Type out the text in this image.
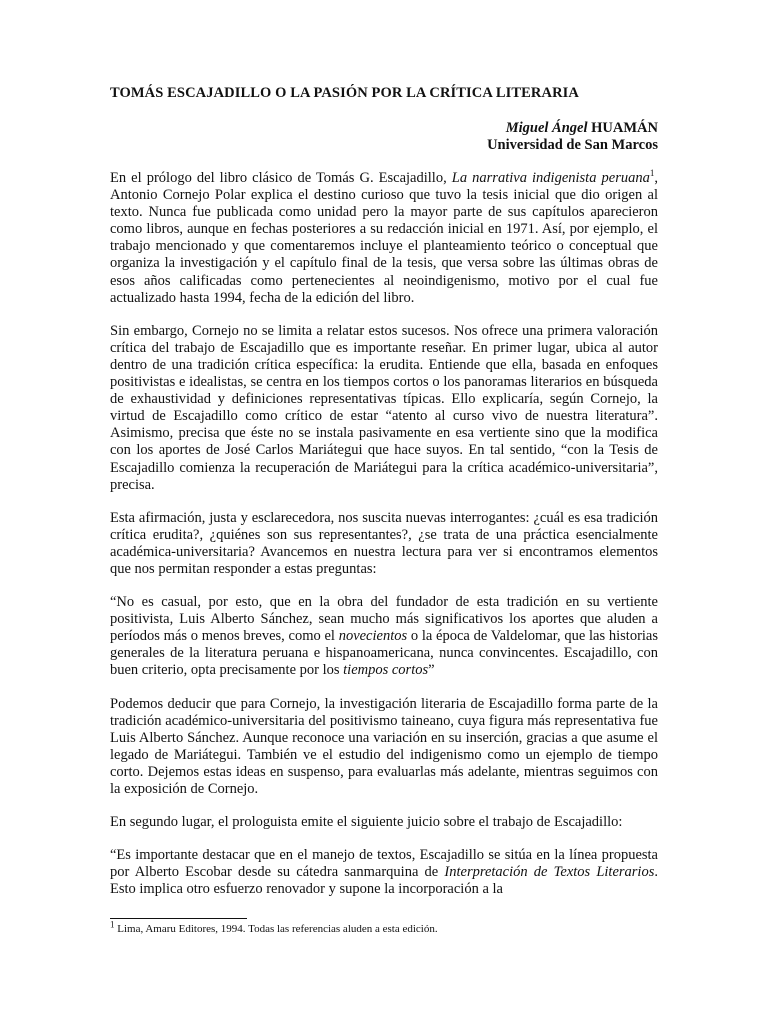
TOMÁS ESCAJADILLO O LA PASIÓN POR LA CRÍTICA LITERARIA
Miguel Ángel HUAMÁN
Universidad de San Marcos

En el prólogo del libro clásico de Tomás G. Escajadillo, La narrativa indigenista peruana$^1$, Antonio Cornejo Polar explica el destino curioso que tuvo la tesis inicial que dio origen al texto. Nunca fue publicada como unidad pero la mayor parte de sus capítulos aparecieron como libros, aunque en fechas posteriores a su redacción inicial en 1971. Así, por ejemplo, el trabajo mencionado y que comentaremos incluye el planteamiento teórico o conceptual que organiza la investigación y el capítulo final de la tesis, que versa sobre las últimas obras de esos años calificadas como pertenecientes al neoindigenismo, motivo por el cual fue actualizado hasta 1994, fecha de la edición del libro.

Sin embargo, Cornejo no se limita a relatar estos sucesos. Nos ofrece una primera valoración crítica del trabajo de Escajadillo que es importante reseñar. En primer lugar, ubica al autor dentro de una tradición crítica específica: la erudita. Entiende que ella, basada en enfoques positivistas e idealistas, se centra en los tiempos cortos o los panoramas literarios en búsqueda de exhaustividad y definiciones representativas típicas. Ello explicaría, según Cornejo, la virtud de Escajadillo como crítico de estar “atento al curso vivo de nuestra literatura”. Asimismo, precisa que éste no se instala pasivamente en esa vertiente sino que la modifica con los aportes de José Carlos Mariátegui que hace suyos. En tal sentido, “con la Tesis de Escajadillo comienza la recuperación de Mariátegui para la crítica académico-universitaria”, precisa.

Esta afirmación, justa y esclarecedora, nos suscita nuevas interrogantes: ¿cuál es esa tradición crítica erudita?, ¿quiénes son sus representantes?, ¿se trata de una práctica esencialmente académica-universitaria? Avancemos en nuestra lectura para ver si encontramos elementos que nos permitan responder a estas preguntas:

“No es casual, por esto, que en la obra del fundador de esta tradición en su vertiente positivista, Luis Alberto Sánchez, sean mucho más significativos los aportes que aluden a períodos más o menos breves, como el novecientos o la época de Valdelomar, que las historias generales de la literatura peruana e hispanoamericana, nunca convincentes. Escajadillo, con buen criterio, opta precisamente por los tiempos cortos”

Podemos deducir que para Cornejo, la investigación literaria de Escajadillo forma parte de la tradición académico-universitaria del positivismo taineano, cuya figura más representativa fue Luis Alberto Sánchez. Aunque reconoce una variación en su inserción, gracias a que asume el legado de Mariátegui. También ve el estudio del indigenismo como un ejemplo de tiempo corto. Dejemos estas ideas en suspenso, para evaluarlas más adelante, mientras seguimos con la exposición de Cornejo.

En segundo lugar, el prologuista emite el siguiente juicio sobre el trabajo de Escajadillo:

“Es importante destacar que en el manejo de textos, Escajadillo se sitúa en la línea propuesta por Alberto Escobar desde su cátedra sanmarquina de Interpretación de Textos Literarios. Esto implica otro esfuerzo renovador y supone la incorporación a la

$^1$ Lima, Amaru Editores, 1994. Todas las referencias aluden a esta edición.
